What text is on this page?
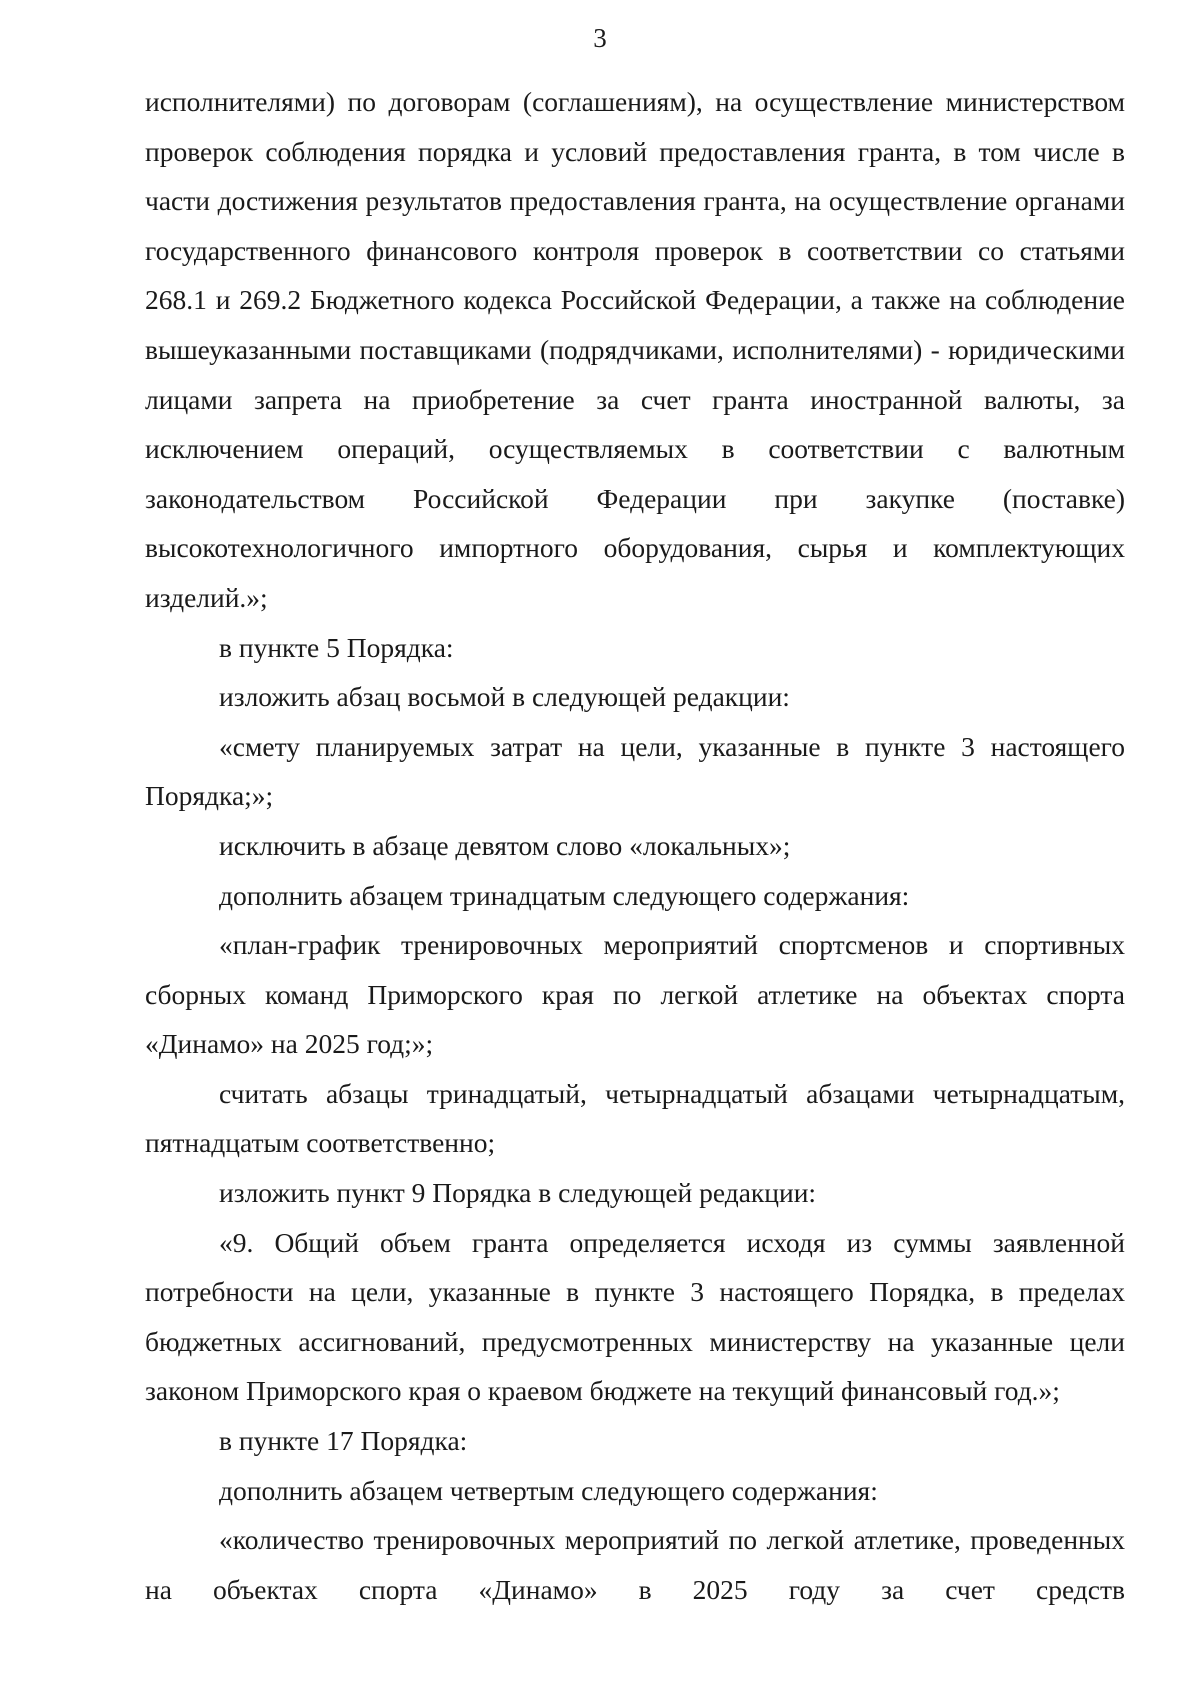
3

исполнителями) по договорам (соглашениям), на осуществление министерством проверок соблюдения порядка и условий предоставления гранта, в том числе в части достижения результатов предоставления гранта, на осуществление органами государственного финансового контроля проверок в соответствии со статьями 268.1 и 269.2 Бюджетного кодекса Российской Федерации, а также на соблюдение вышеуказанными поставщиками (подрядчиками, исполнителями) - юридическими лицами запрета на приобретение за счет гранта иностранной валюты, за исключением операций, осуществляемых в соответствии с валютным законодательством Российской Федерации при закупке (поставке) высокотехнологичного импортного оборудования, сырья и комплектующих изделий.»;

в пункте 5 Порядка:

изложить абзац восьмой в следующей редакции:

«смету планируемых затрат на цели, указанные в пункте 3 настоящего Порядка;»;

исключить в абзаце девятом слово «локальных»;

дополнить абзацем тринадцатым следующего содержания:

«план-график тренировочных мероприятий спортсменов и спортивных сборных команд Приморского края по легкой атлетике на объектах спорта «Динамо» на 2025 год;»;

считать абзацы тринадцатый, четырнадцатый абзацами четырнадцатым, пятнадцатым соответственно;

изложить пункт 9 Порядка в следующей редакции:

«9. Общий объем гранта определяется исходя из суммы заявленной потребности на цели, указанные в пункте 3 настоящего Порядка, в пределах бюджетных ассигнований, предусмотренных министерству на указанные цели законом Приморского края о краевом бюджете на текущий финансовый год.»;

в пункте 17 Порядка:

дополнить абзацем четвертым следующего содержания:

«количество тренировочных мероприятий по легкой атлетике, проведенных на объектах спорта «Динамо» в 2025 году за счет средств
